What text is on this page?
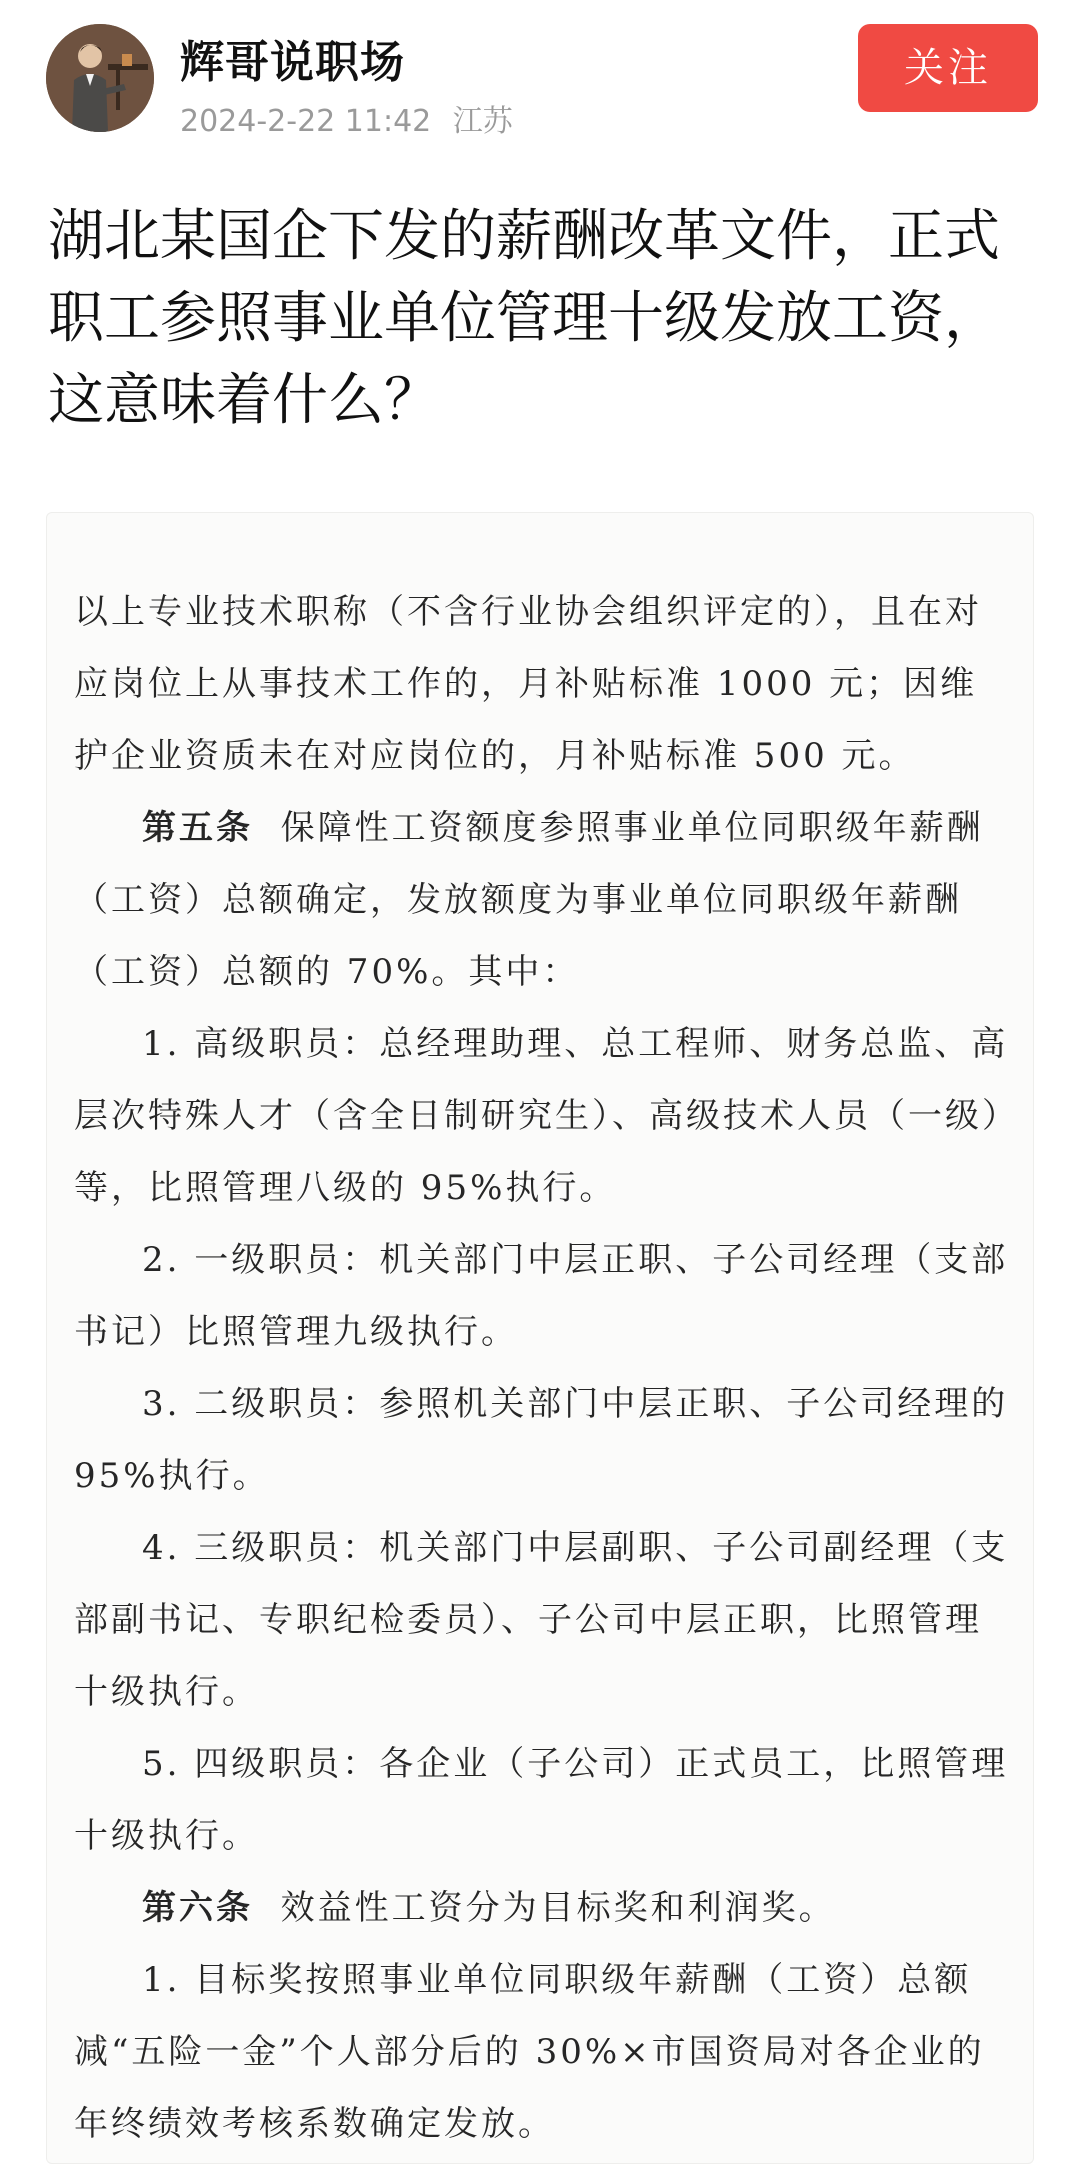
辉哥说职场
2024-2-22 11:42 江苏
关注
湖北某国企下发的薪酬改革文件，正式职工参照事业单位管理十级发放工资，这意味着什么？

以上专业技术职称（不含行业协会组织评定的），且在对应岗位上从事技术工作的，月补贴标准 1000 元；因维护企业资质未在对应岗位的，月补贴标准 500 元。

第五条 保障性工资额度参照事业单位同职级年薪酬（工资）总额确定，发放额度为事业单位同职级年薪酬（工资）总额的 70%。其中：

1. 高级职员：总经理助理、总工程师、财务总监、高层次特殊人才（含全日制研究生）、高级技术人员（一级）等，比照管理八级的 95%执行。

2. 一级职员：机关部门中层正职、子公司经理（支部书记）比照管理九级执行。

3. 二级职员：参照机关部门中层正职、子公司经理的 95%执行。

4. 三级职员：机关部门中层副职、子公司副经理（支部副书记、专职纪检委员）、子公司中层正职，比照管理十级执行。

5. 四级职员：各企业（子公司）正式员工，比照管理十级执行。

第六条 效益性工资分为目标奖和利润奖。

1. 目标奖按照事业单位同职级年薪酬（工资）总额减“五险一金”个人部分后的 30%×市国资局对各企业的年终绩效考核系数确定发放。
